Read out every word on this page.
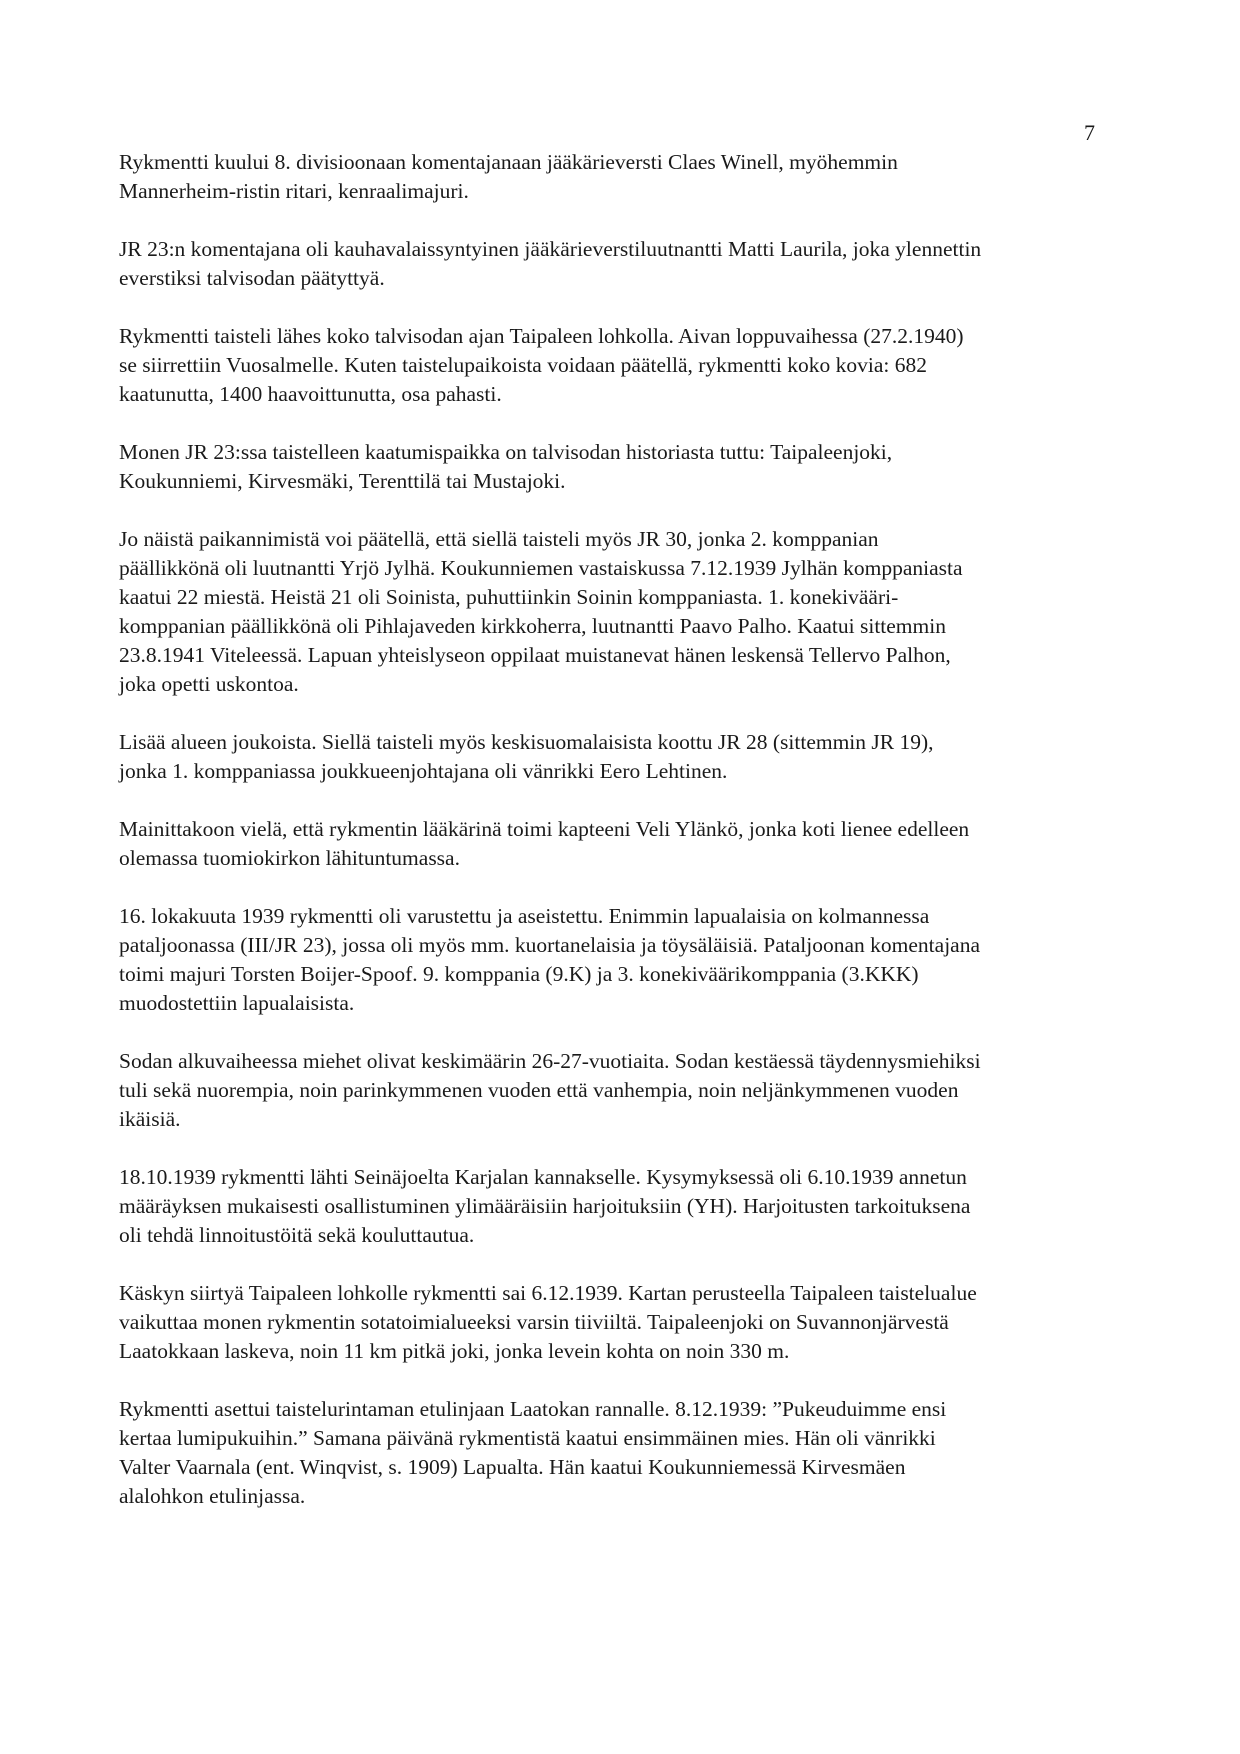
7

Rykmentti kuului 8. divisioonaan komentajanaan jääkärieversti Claes Winell, myöhemmin
Mannerheim-ristin ritari, kenraalimajuri.

JR 23:n komentajana oli kauhavalaissyntyinen jääkärieverstiluutnantti Matti Laurila, joka ylennettin
everstiksi talvisodan päätyttyä.

Rykmentti taisteli lähes koko talvisodan ajan Taipaleen lohkolla. Aivan loppuvaihessa (27.2.1940)
se siirrettiin Vuosalmelle. Kuten taistelupaikoista voidaan päätellä, rykmentti koko kovia: 682
kaatunutta, 1400 haavoittunutta, osa pahasti.

Monen JR 23:ssa taistelleen kaatumispaikka on talvisodan historiasta tuttu: Taipaleenjoki,
Koukunniemi, Kirvesmäki, Terenttilä tai Mustajoki.

Jo näistä paikannimistä voi päätellä, että siellä taisteli myös JR 30, jonka 2. komppanian
päällikkönä oli luutnantti Yrjö Jylhä. Koukunniemen vastaiskussa 7.12.1939 Jylhän komppaniasta
kaatui 22 miestä. Heistä 21 oli Soinista, puhuttiinkin Soinin komppaniasta. 1. konekivääri-
komppanian päällikkönä oli Pihlajaveden kirkkoherra, luutnantti Paavo Palho. Kaatui sittemmin
23.8.1941 Viteleessä. Lapuan yhteislyseon oppilaat muistanevat hänen leskensä Tellervo Palhon,
joka opetti uskontoa.

Lisää alueen joukoista. Siellä taisteli myös keskisuomalaisista koottu JR 28 (sittemmin JR 19),
jonka 1. komppaniassa joukkueenjohtajana oli vänrikki Eero Lehtinen.

Mainittakoon vielä, että rykmentin lääkärinä toimi kapteeni Veli Ylänkö, jonka koti lienee edelleen
olemassa tuomiokirkon lähituntumassa.

16. lokakuuta 1939 rykmentti oli varustettu ja aseistettu. Enimmin lapualaisia on kolmannessa
pataljoonassa (III/JR 23), jossa oli myös mm. kuortanelaisia ja töysäläisiä. Pataljoonan komentajana
toimi majuri Torsten Boijer-Spoof. 9. komppania (9.K) ja 3. konekiväärikomppania (3.KKK)
muodostettiin lapualaisista.

Sodan alkuvaiheessa miehet olivat keskimäärin 26-27-vuotiaita. Sodan kestäessä täydennysmiehiksi
tuli sekä nuorempia, noin parinkymmenen vuoden että vanhempia, noin neljänkymmenen vuoden
ikäisiä.

18.10.1939 rykmentti lähti Seinäjoelta Karjalan kannakselle. Kysymyksessä oli 6.10.1939 annetun
määräyksen mukaisesti osallistuminen ylimääräisiin harjoituksiin (YH). Harjoitusten tarkoituksena
oli tehdä linnoitustöitä sekä kouluttautua.

Käskyn siirtyä Taipaleen lohkolle rykmentti sai 6.12.1939. Kartan perusteella Taipaleen taistelualue
vaikuttaa monen rykmentin sotatoimialueeksi varsin tiiviiltä. Taipaleenjoki on Suvannonjärvestä
Laatokkaan laskeva, noin 11 km pitkä joki, jonka levein kohta on noin 330 m.

Rykmentti asettui taistelurintaman etulinjaan Laatokan rannalle. 8.12.1939: ”Pukeuduimme ensi
kertaa lumipukuihin.” Samana päivänä rykmentistä kaatui ensimmäinen mies. Hän oli vänrikki
Valter Vaarnala (ent. Winqvist, s. 1909) Lapualta. Hän kaatui Koukunniemessä Kirvesmäen
alalohkon etulinjassa.
